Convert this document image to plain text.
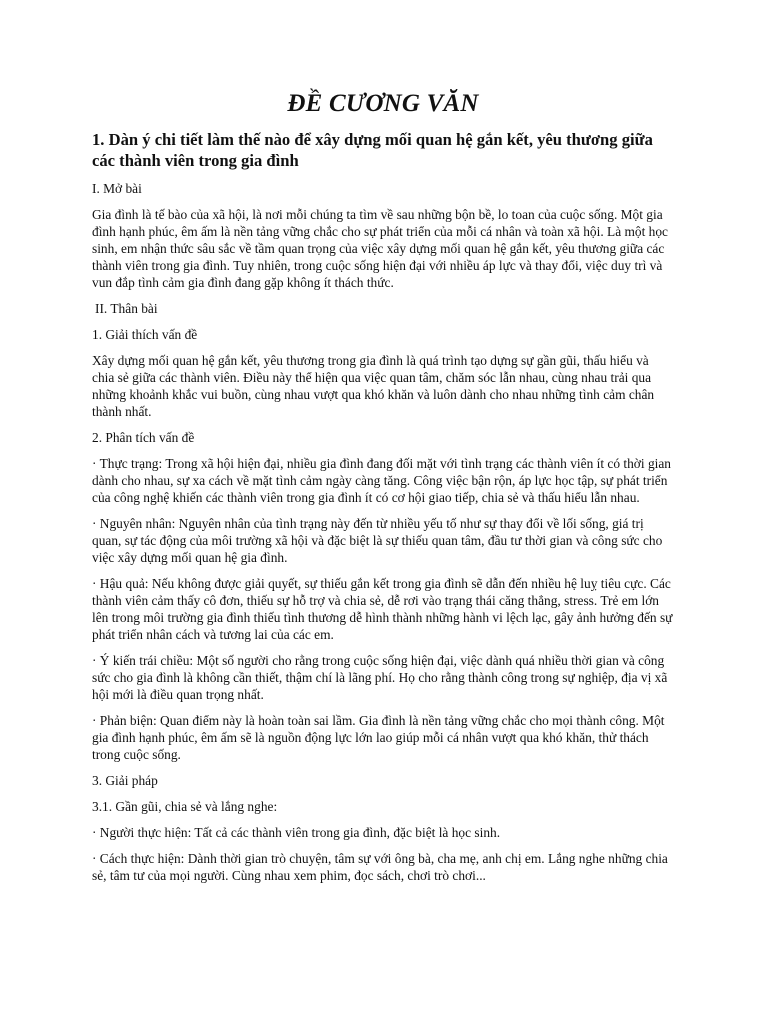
ĐỀ CƯƠNG VĂN
1. Dàn ý chi tiết làm thế nào để xây dựng mối quan hệ gắn kết, yêu thương giữa các thành viên trong gia đình
I. Mở bài
Gia đình là tế bào của xã hội, là nơi mỗi chúng ta tìm về sau những bộn bề, lo toan của cuộc sống. Một gia đình hạnh phúc, êm ấm là nền tảng vững chắc cho sự phát triển của mỗi cá nhân và toàn xã hội. Là một học sinh, em nhận thức sâu sắc về tầm quan trọng của việc xây dựng mối quan hệ gắn kết, yêu thương giữa các thành viên trong gia đình. Tuy nhiên, trong cuộc sống hiện đại với nhiều áp lực và thay đổi, việc duy trì và vun đắp tình cảm gia đình đang gặp không ít thách thức.
II. Thân bài
1. Giải thích vấn đề
Xây dựng mối quan hệ gắn kết, yêu thương trong gia đình là quá trình tạo dựng sự gần gũi, thấu hiểu và chia sẻ giữa các thành viên. Điều này thể hiện qua việc quan tâm, chăm sóc lẫn nhau, cùng nhau trải qua những khoảnh khắc vui buồn, cùng nhau vượt qua khó khăn và luôn dành cho nhau những tình cảm chân thành nhất.
2. Phân tích vấn đề
· Thực trạng: Trong xã hội hiện đại, nhiều gia đình đang đối mặt với tình trạng các thành viên ít có thời gian dành cho nhau, sự xa cách về mặt tình cảm ngày càng tăng. Công việc bận rộn, áp lực học tập, sự phát triển của công nghệ khiến các thành viên trong gia đình ít có cơ hội giao tiếp, chia sẻ và thấu hiểu lẫn nhau.
· Nguyên nhân: Nguyên nhân của tình trạng này đến từ nhiều yếu tố như sự thay đổi về lối sống, giá trị quan, sự tác động của môi trường xã hội và đặc biệt là sự thiếu quan tâm, đầu tư thời gian và công sức cho việc xây dựng mối quan hệ gia đình.
· Hậu quả: Nếu không được giải quyết, sự thiếu gắn kết trong gia đình sẽ dẫn đến nhiều hệ luỵ tiêu cực. Các thành viên cảm thấy cô đơn, thiếu sự hỗ trợ và chia sẻ, dễ rơi vào trạng thái căng thẳng, stress. Trẻ em lớn lên trong môi trường gia đình thiếu tình thương dễ hình thành những hành vi lệch lạc, gây ảnh hưởng đến sự phát triển nhân cách và tương lai của các em.
· Ý kiến trái chiều: Một số người cho rằng trong cuộc sống hiện đại, việc dành quá nhiều thời gian và công sức cho gia đình là không cần thiết, thậm chí là lãng phí. Họ cho rằng thành công trong sự nghiệp, địa vị xã hội mới là điều quan trọng nhất.
· Phản biện: Quan điểm này là hoàn toàn sai lầm. Gia đình là nền tảng vững chắc cho mọi thành công. Một gia đình hạnh phúc, êm ấm sẽ là nguồn động lực lớn lao giúp mỗi cá nhân vượt qua khó khăn, thử thách trong cuộc sống.
3. Giải pháp
3.1. Gần gũi, chia sẻ và lắng nghe:
· Người thực hiện: Tất cả các thành viên trong gia đình, đặc biệt là học sinh.
· Cách thực hiện: Dành thời gian trò chuyện, tâm sự với ông bà, cha mẹ, anh chị em. Lắng nghe những chia sẻ, tâm tư của mọi người. Cùng nhau xem phim, đọc sách, chơi trò chơi...
